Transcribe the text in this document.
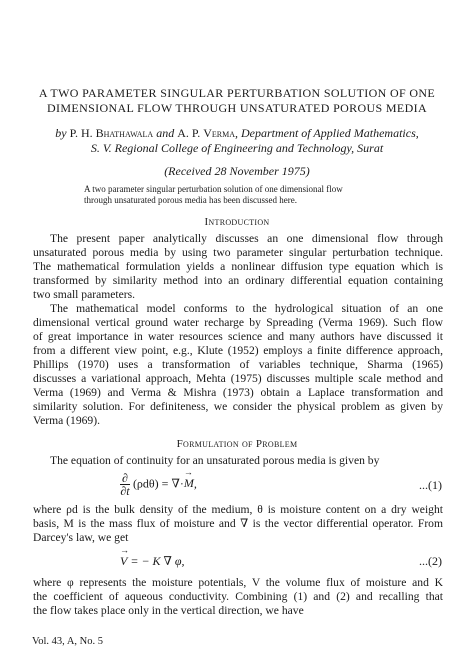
A TWO PARAMETER SINGULAR PERTURBATION SOLUTION OF ONE
DIMENSIONAL FLOW THROUGH UNSATURATED POROUS MEDIA
by P. H. Bhathawala and A. P. Verma, Department of Applied Mathematics,
S. V. Regional College of Engineering and Technology, Surat
(Received 28 November 1975)
A two parameter singular perturbation solution of one dimensional flow
through unsaturated porous media has been discussed here.
Introduction
The present paper analytically discusses an one dimensional flow through
unsaturated porous media by using two parameter singular perturbation technique.
The mathematical formulation yields a nonlinear diffusion type equation which is
transformed by similarity method into an ordinary differential equation containing
two small parameters.
The mathematical model conforms to the hydrological situation of an one
dimensional vertical ground water recharge by Spreading (Verma 1969). Such flow
of great importance in water resources science and many authors have discussed it
from a different view point, e.g., Klute (1952) employs a finite difference approach,
Phillips (1970) uses a transformation of variables technique, Sharma (1965)
discusses a variational approach, Mehta (1975) discusses multiple scale method and
Verma (1969) and Verma & Mishra (1973) obtain a Laplace transformation and
similarity solution. For definiteness, we consider the physical problem as given by
Verma (1969).
Formulation of Problem
The equation of continuity for an unsaturated porous media is given by
$\frac{\partial}{\partial t} (\rho d\theta)$ = ∇·→ M,	...(1)
where ρd is the bulk density of the medium, θ is moisture content on a dry weight
basis, M is the mass flux of moisture and ∇ is the vector differential operator. From
Darcey's law, we get
→ V = − K ∇ φ,	...(2)
where φ represents the moisture potentials, V the volume flux of moisture and K
the coefficient of aqueous conductivity. Combining (1) and (2) and recalling that
the flow takes place only in the vertical direction, we have
Vol. 43, A, No. 5
